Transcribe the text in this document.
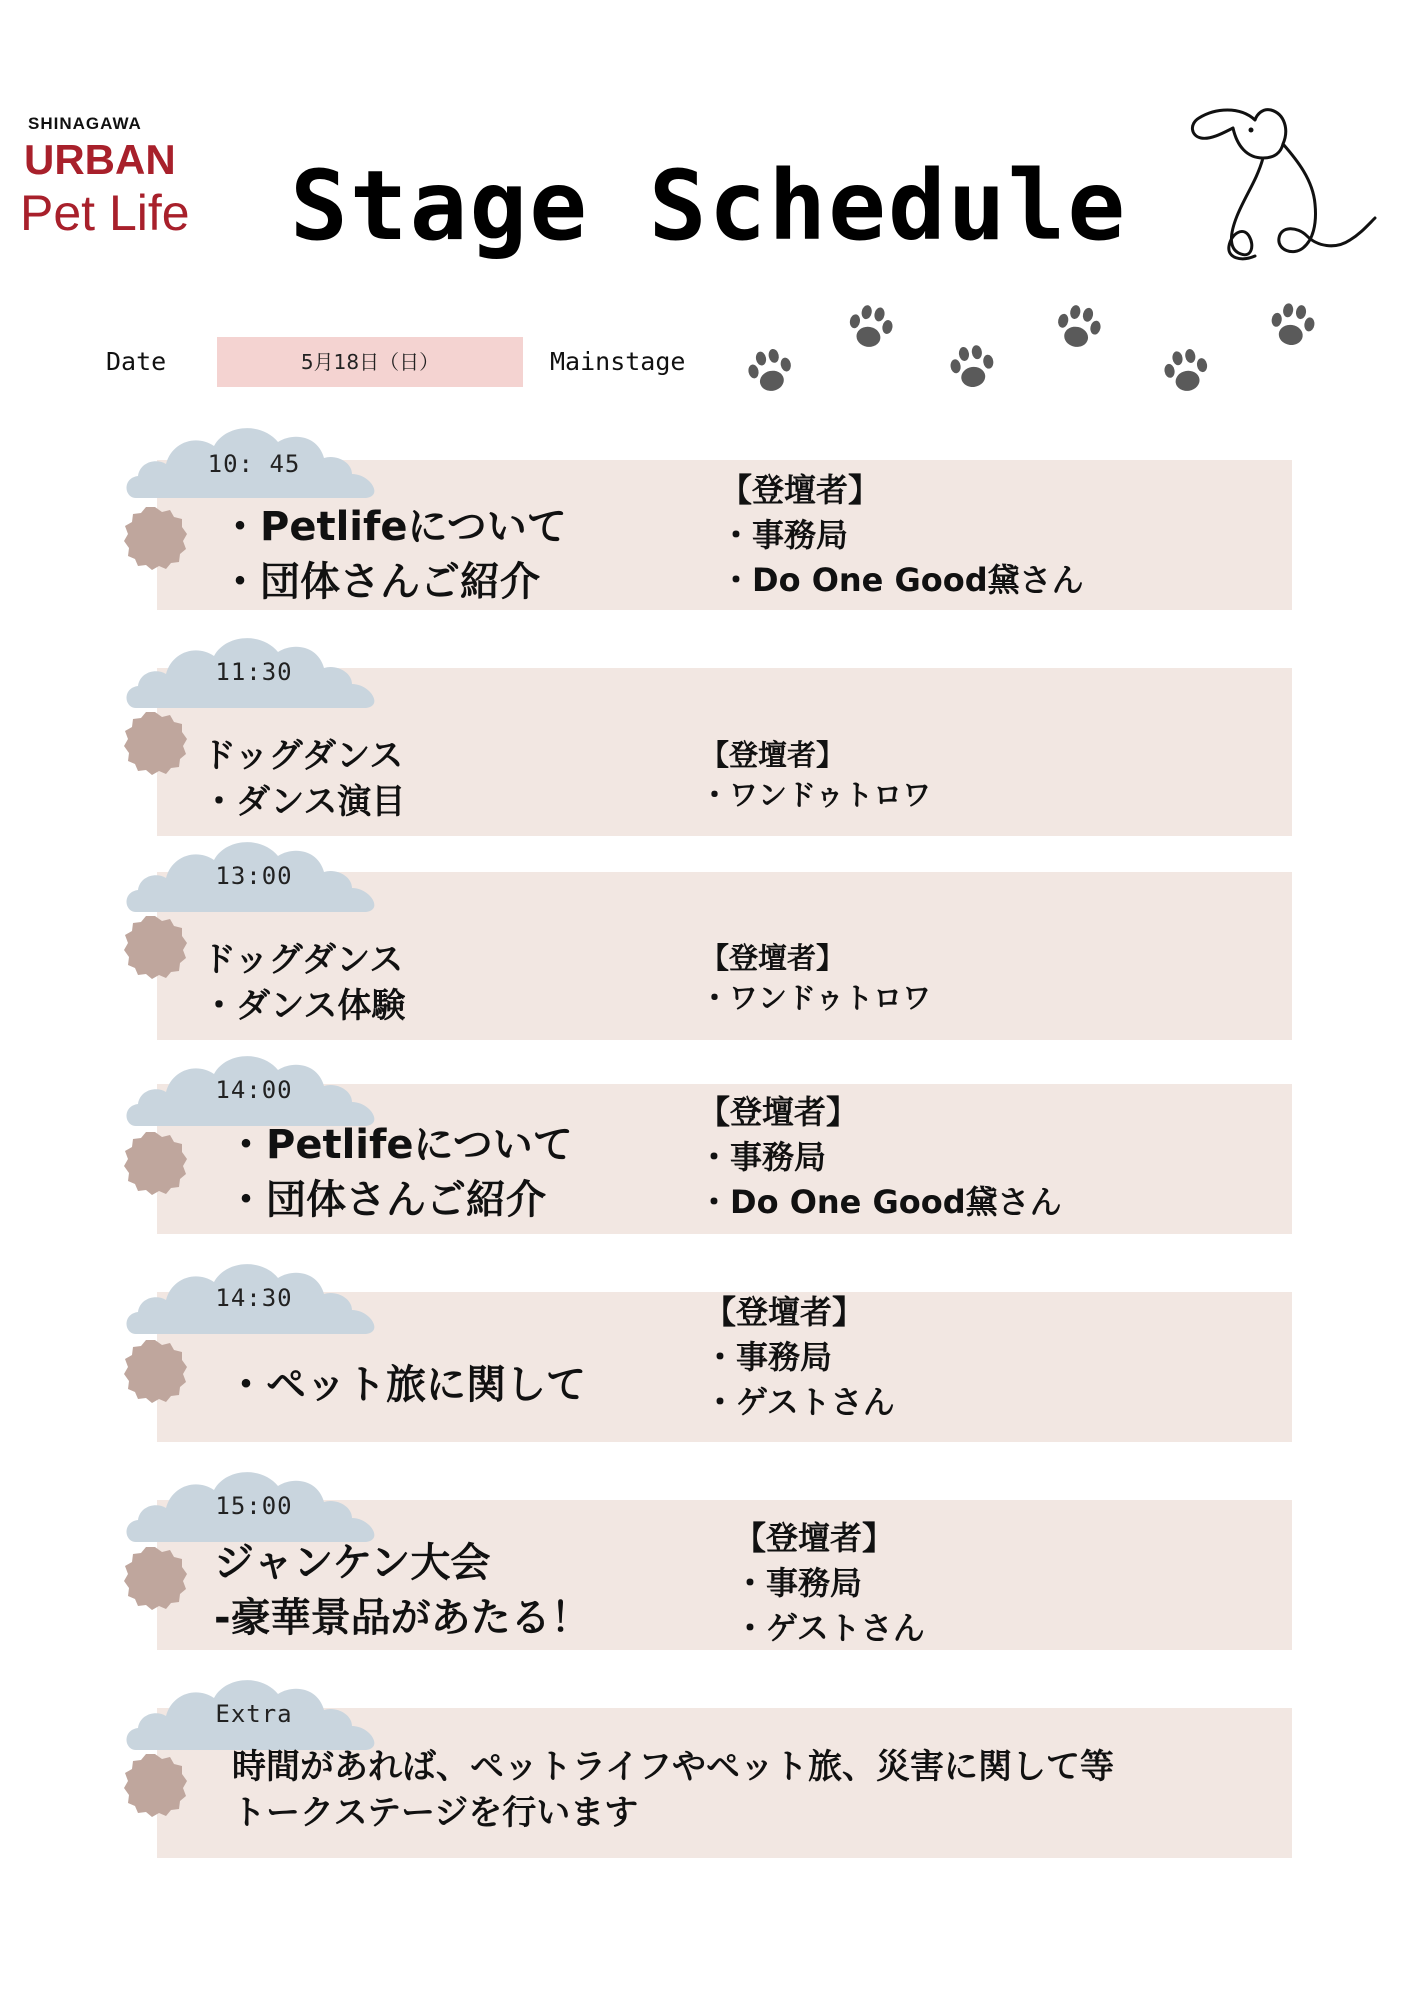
SHINAGAWA
URBAN
Pet Life Stage Schedule
Date	5月18日（日）	Mainstage
10: 45
・Petlifeについて
・団体さんご紹介
【登壇者】
・事務局
・Do One Good黛さん
11:30
ドッグダンス
・ダンス演目
【登壇者】
・ワンドゥトロワ
13:00
ドッグダンス
・ダンス体験
【登壇者】
・ワンドゥトロワ
14:00
・Petlifeについて
・団体さんご紹介
【登壇者】
・事務局
・Do One Good黛さん
14:30
・ペット旅に関して
【登壇者】
・事務局
・ゲストさん
15:00
ジャンケン大会
-豪華景品があたる！
【登壇者】
・事務局
・ゲストさん
Extra
時間があれば、ペットライフやペット旅、災害に関して等
トークステージを行います
